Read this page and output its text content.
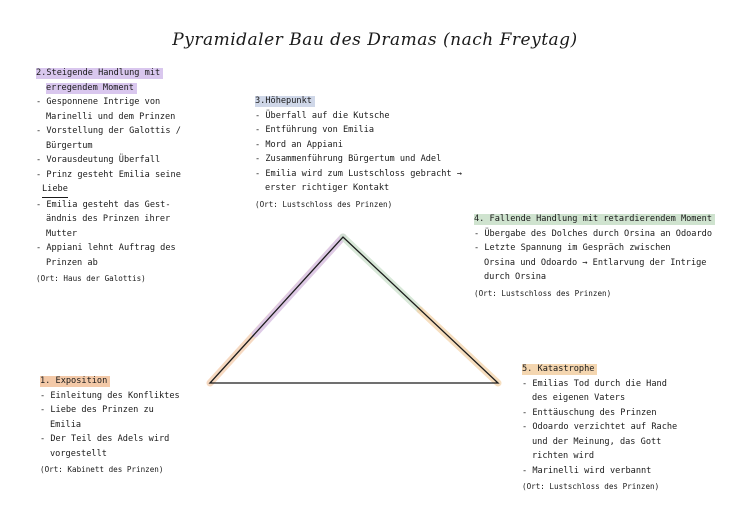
Pyramidaler Bau des Dramas (nach Freytag)
2.Steigende Handlung mit
erregendem Moment
- Gesponnene Intrige von
Marinelli und dem Prinzen
- Vorstellung der Galottis /
Bürgertum
- Vorausdeutung Überfall
- Prinz gesteht Emilia seine
Liebe
- Emilia gesteht das Gest-
ändnis des Prinzen ihrer
Mutter
- Appiani lehnt Auftrag des
Prinzen ab
(Ort: Haus der Galottis)
3.Höhepunkt
- Überfall auf die Kutsche
- Entführung von Emilia
- Mord an Appiani
- Zusammenführung Bürgertum und Adel
- Emilia wird zum Lustschloss gebracht →
erster richtiger Kontakt
(Ort: Lustschloss des Prinzen)
4. Fallende Handlung mit retardierendem Moment
- Übergabe des Dolches durch Orsina an Odoardo
- Letzte Spannung im Gespräch zwischen
Orsina und Odoardo → Entlarvung der Intrige
durch Orsina
(Ort: Lustschloss des Prinzen)
1. Exposition
- Einleitung des Konfliktes
- Liebe des Prinzen zu
Emilia
- Der Teil des Adels wird
vorgestellt
(Ort: Kabinett des Prinzen)
5. Katastrophe
- Emilias Tod durch die Hand
des eigenen Vaters
- Enttäuschung des Prinzen
- Odoardo verzichtet auf Rache
und der Meinung, das Gott
richten wird
- Marinelli wird verbannt
(Ort: Lustschloss des Prinzen)
